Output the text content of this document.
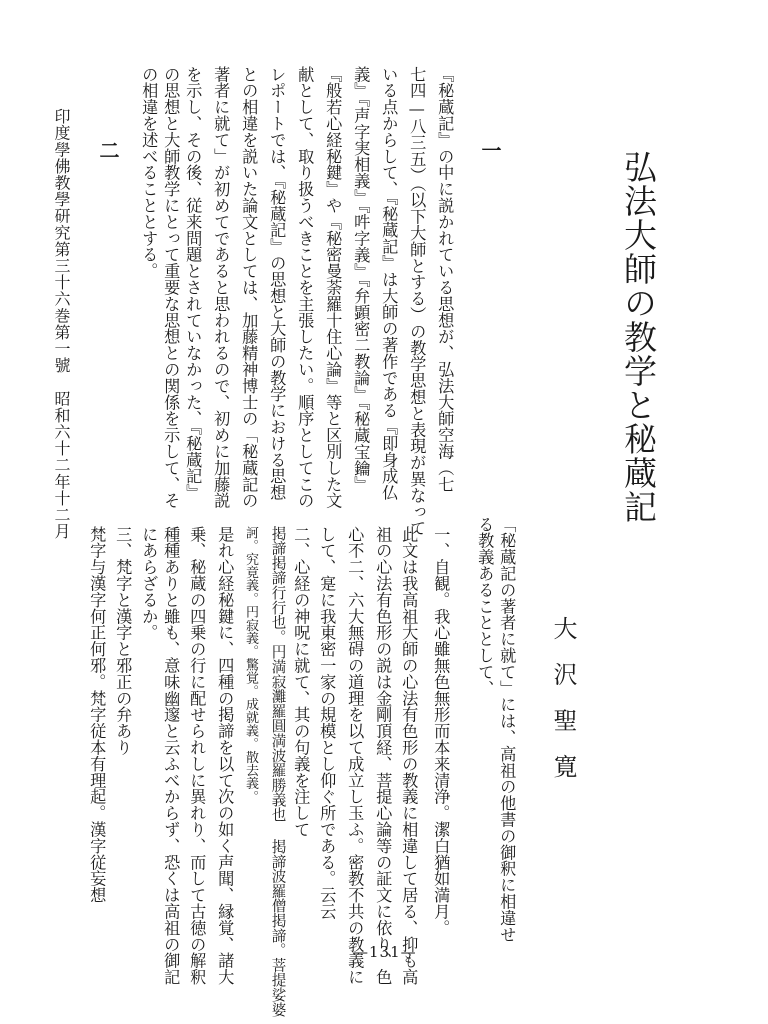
弘法大師の教学と秘蔵記
大沢聖寛
一

『秘蔵記』の中に説かれている思想が、弘法大師空海（七

七四—八三五）（以下大師とする）の教学思想と表現が異なって

いる点からして、『秘蔵記』は大師の著作である『即身成仏

義』『声字実相義』『吽字義』『弁顕密二教論』『秘蔵宝鑰』

『般若心経秘鍵』や『秘密曼荼羅十住心論』等と区別した文

献として、取り扱うべきことを主張したい。順序としてこの

レポートでは、『秘蔵記』の思想と大師の教学における思想

との相違を説いた論文としては、加藤精神博士の「秘蔵記の

著者に就て」が初めてであると思われるので、初めに加藤説

を示し、その後、従来問題とされていなかった、『秘蔵記』

の思想と大師教学にとって重要な思想との関係を示して、そ

の相違を述べることとする。

二

「秘蔵記の著者に就て」には、高祖の他書の御釈に相違せ

る教義あることとして、

一、自観。我心雖無色無形而本来清浄。潔白猶如満月。

此文は我高祖大師の心法有色形の教義に相違して居る、抑も高

祖の心法有色形の説は金剛頂経、菩提心論等の証文に依り、色

心不二、六大無碍の道理を以て成立し玉ふ。密教不共の教義に

して、寔に我東密一家の規模とし仰ぐ所である。云云

二、心経の神呪に就て、其の句義を注して

掲諦掲諦行行也。円満寂灘羅圓満波羅勝義也 掲諦波羅僧掲諦。菩提娑婆

訶。究竟義。円寂義。驚覚。成就義。散去義。

是れ心経秘鍵に、四種の掲諦を以て次の如く声聞、縁覚、諸大

乗、秘蔵の四乗の行に配せられしに異れり、而して古徳の解釈

種種ありと雖も、意味幽邃と云ふべからず、恐くは高祖の御記

にあらざるか。

三、梵字と漢字と邪正の弁あり

梵字与漢字何正何邪。梵字従本有理起。漢字従妄想

印度學佛教學研究第三十六巻第一號　昭和六十二年十二月
—131—
